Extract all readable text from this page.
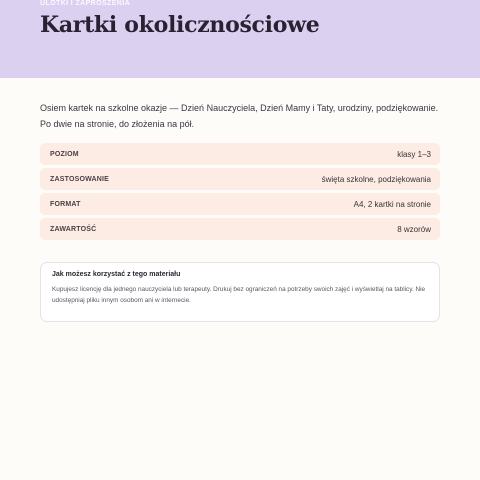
ULOTKI I ZAPROSZENIA
Kartki okolicznościowe

Osiem kartek na szkolne okazje — Dzień Nauczyciela, Dzień Mamy i Taty, urodziny, podziękowanie. Po dwie na stronie, do złożenia na pół.

POZIOM	klasy 1–3
ZASTOSOWANIE	święta szkolne, podziękowania
FORMAT	A4, 2 kartki na stronie
ZAWARTOŚĆ	8 wzorów
Jak możesz korzystać z tego materiału

Kupujesz licencję dla jednego nauczyciela lub terapeuty. Drukuj bez ograniczeń na potrzeby swoich zajęć i wyświetlaj na tablicy. Nie udostępniaj pliku innym osobom ani w internecie.
